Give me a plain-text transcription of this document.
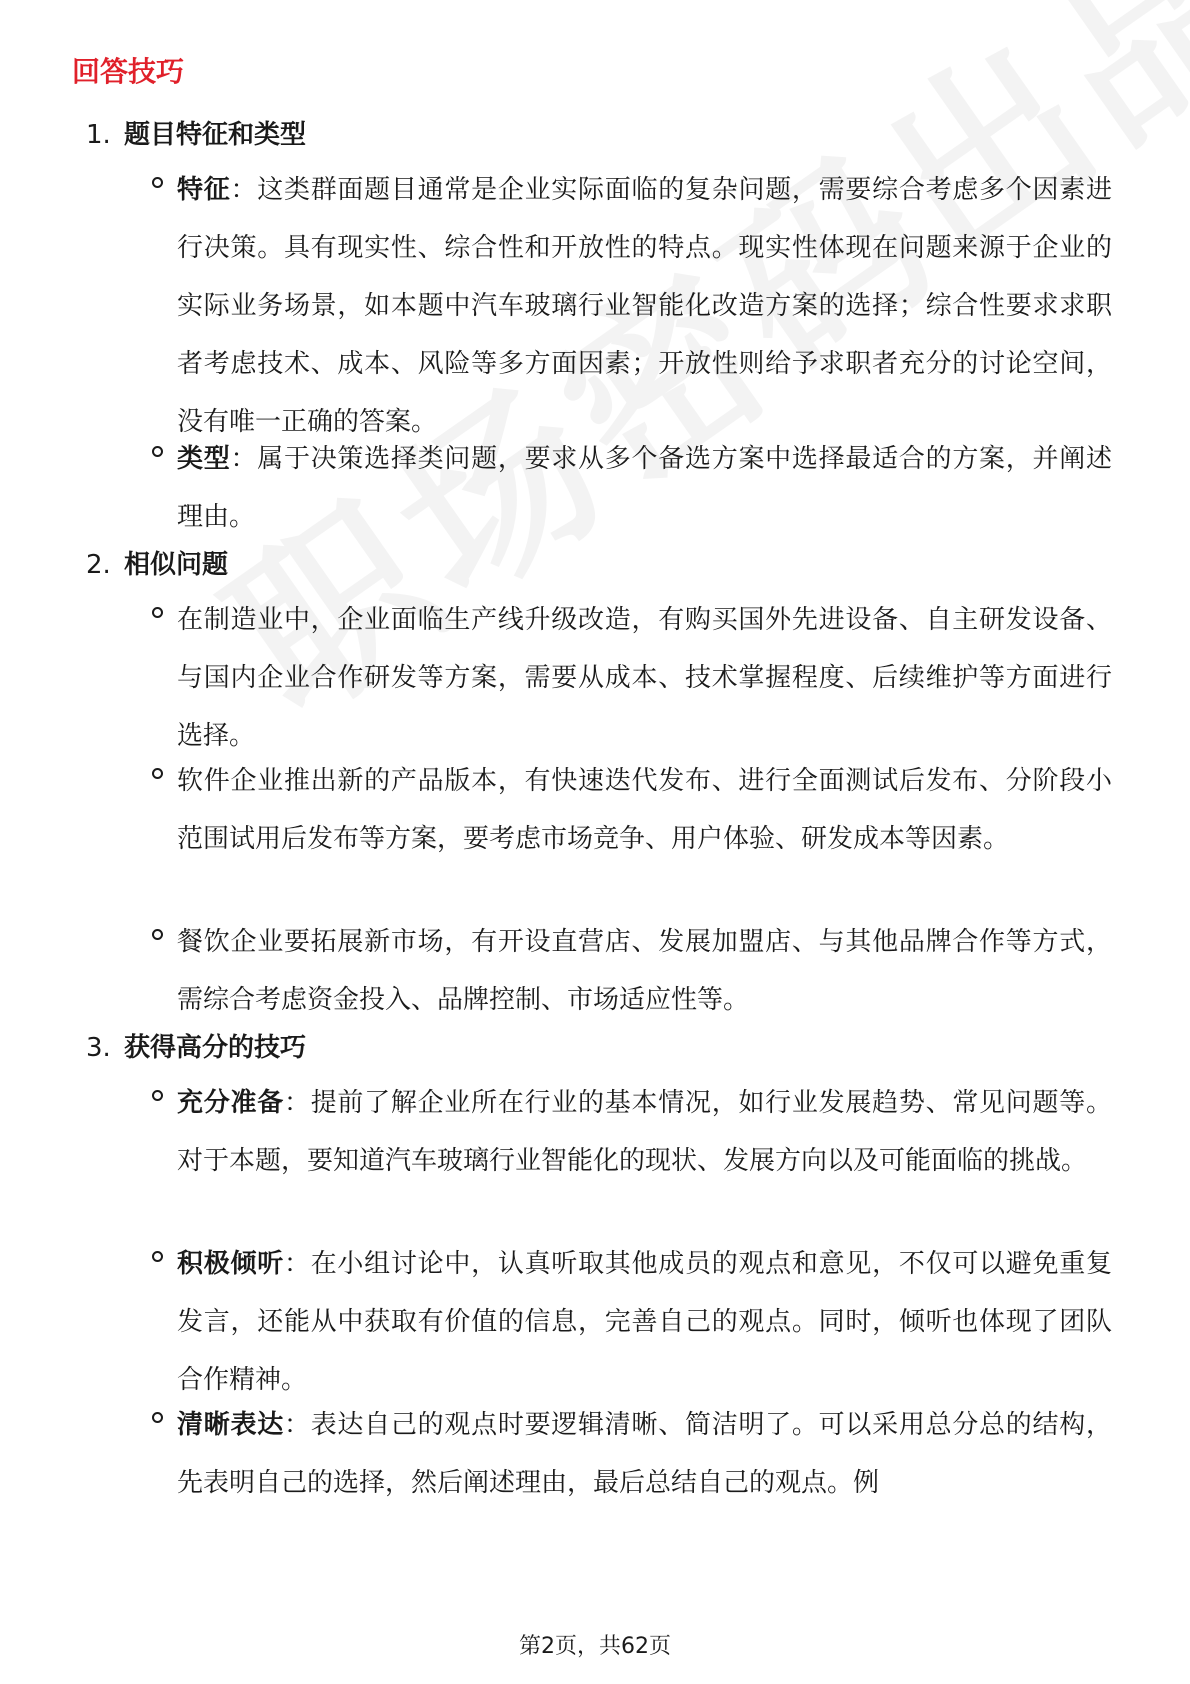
回答技巧
1. 题目特征和类型

特征：这类群面题目通常是企业实际面临的复杂问题，需要综合考虑多个因素进行决策。具有现实性、综合性和开放性的特点。现实性体现在问题来源于企业的实际业务场景，如本题中汽车玻璃行业智能化改造方案的选择；综合性要求求职者考虑技术、成本、风险等多方面因素；开放性则给予求职者充分的讨论空间，没有唯一正确的答案。

类型：属于决策选择类问题，要求从多个备选方案中选择最适合的方案，并阐述理由。

2. 相似问题

在制造业中，企业面临生产线升级改造，有购买国外先进设备、自主研发设备、与国内企业合作研发等方案，需要从成本、技术掌握程度、后续维护等方面进行选择。

软件企业推出新的产品版本，有快速迭代发布、进行全面测试后发布、分阶段小范围试用后发布等方案，要考虑市场竞争、用户体验、研发成本等因素。

餐饮企业要拓展新市场，有开设直营店、发展加盟店、与其他品牌合作等方式，需综合考虑资金投入、品牌控制、市场适应性等。

3. 获得高分的技巧

充分准备：提前了解企业所在行业的基本情况，如行业发展趋势、常见问题等。对于本题，要知道汽车玻璃行业智能化的现状、发展方向以及可能面临的挑战。

积极倾听：在小组讨论中，认真听取其他成员的观点和意见，不仅可以避免重复发言，还能从中获取有价值的信息，完善自己的观点。同时，倾听也体现了团队合作精神。

清晰表达：表达自己的观点时要逻辑清晰、简洁明了。可以采用总分总的结构，先表明自己的选择，然后阐述理由，最后总结自己的观点。例

第2页，共62页
